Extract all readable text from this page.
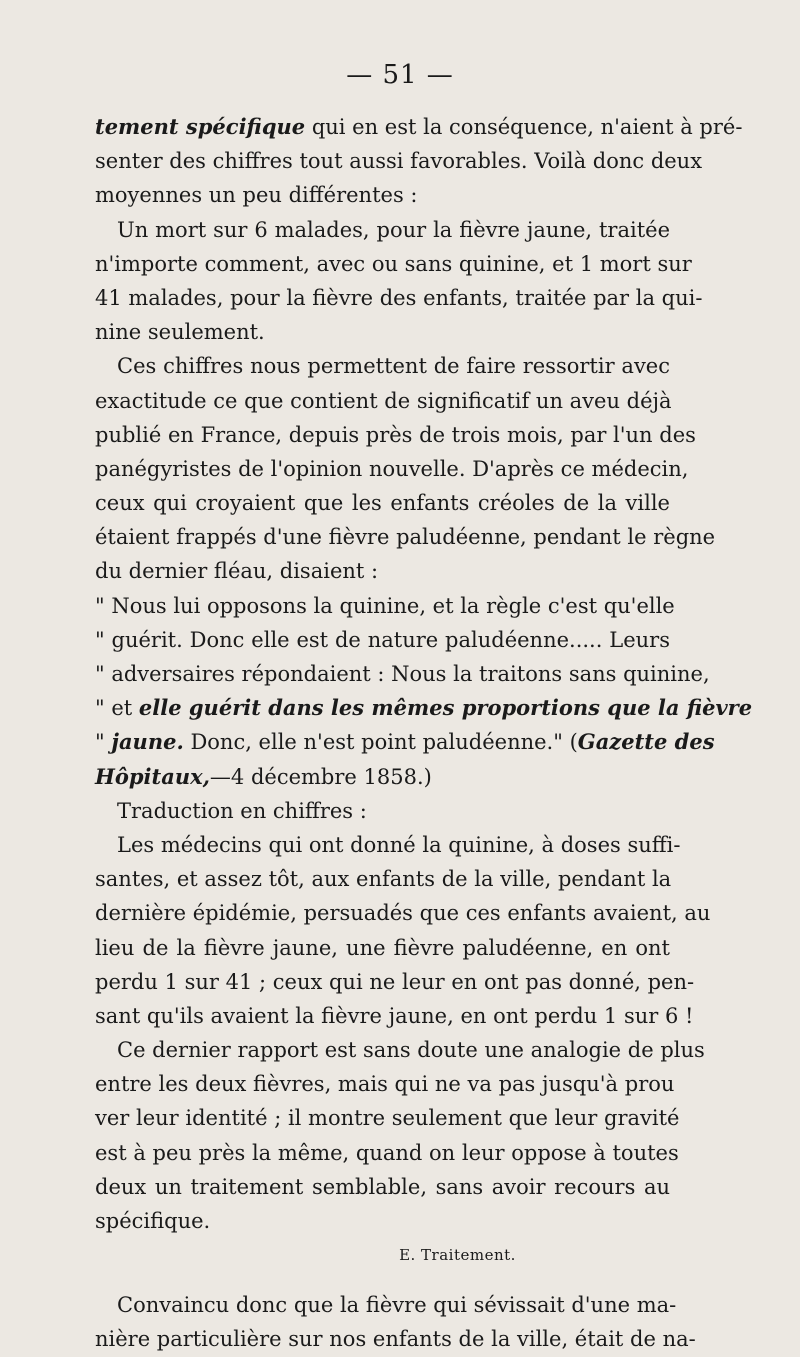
— 51 —
tement spécifique qui en est la conséquence, n'aient à pré-
senter des chiffres tout aussi favorables. Voilà donc deux
moyennes un peu différentes :
Un mort sur 6 malades, pour la fièvre jaune, traitée
n'importe comment, avec ou sans quinine, et 1 mort sur
41 malades, pour la fièvre des enfants, traitée par la qui-
nine seulement.
Ces chiffres nous permettent de faire ressortir avec
exactitude ce que contient de significatif un aveu déjà
publié en France, depuis près de trois mois, par l'un des
panégyristes de l'opinion nouvelle. D'après ce médecin,
ceux qui croyaient que les enfants créoles de la ville
étaient frappés d'une fièvre paludéenne, pendant le règne
du dernier fléau, disaient :
" Nous lui opposons la quinine, et la règle c'est qu'elle
" guérit. Donc elle est de nature paludéenne..... Leurs
" adversaires répondaient : Nous la traitons sans quinine,
" et elle guérit dans les mêmes proportions que la fièvre
" jaune. Donc, elle n'est point paludéenne." (Gazette des
Hôpitaux,—4 décembre 1858.)
Traduction en chiffres :
Les médecins qui ont donné la quinine, à doses suffi-
santes, et assez tôt, aux enfants de la ville, pendant la
dernière épidémie, persuadés que ces enfants avaient, au
lieu de la fièvre jaune, une fièvre paludéenne, en ont
perdu 1 sur 41 ; ceux qui ne leur en ont pas donné, pen-
sant qu'ils avaient la fièvre jaune, en ont perdu 1 sur 6 !
Ce dernier rapport est sans doute une analogie de plus
entre les deux fièvres, mais qui ne va pas jusqu'à prou
ver leur identité ; il montre seulement que leur gravité
est à peu près la même, quand on leur oppose à toutes
deux un traitement semblable, sans avoir recours au
spécifique.
E. Traitement.
Convaincu donc que la fièvre qui sévissait d'une ma-
nière particulière sur nos enfants de la ville, était de na-
